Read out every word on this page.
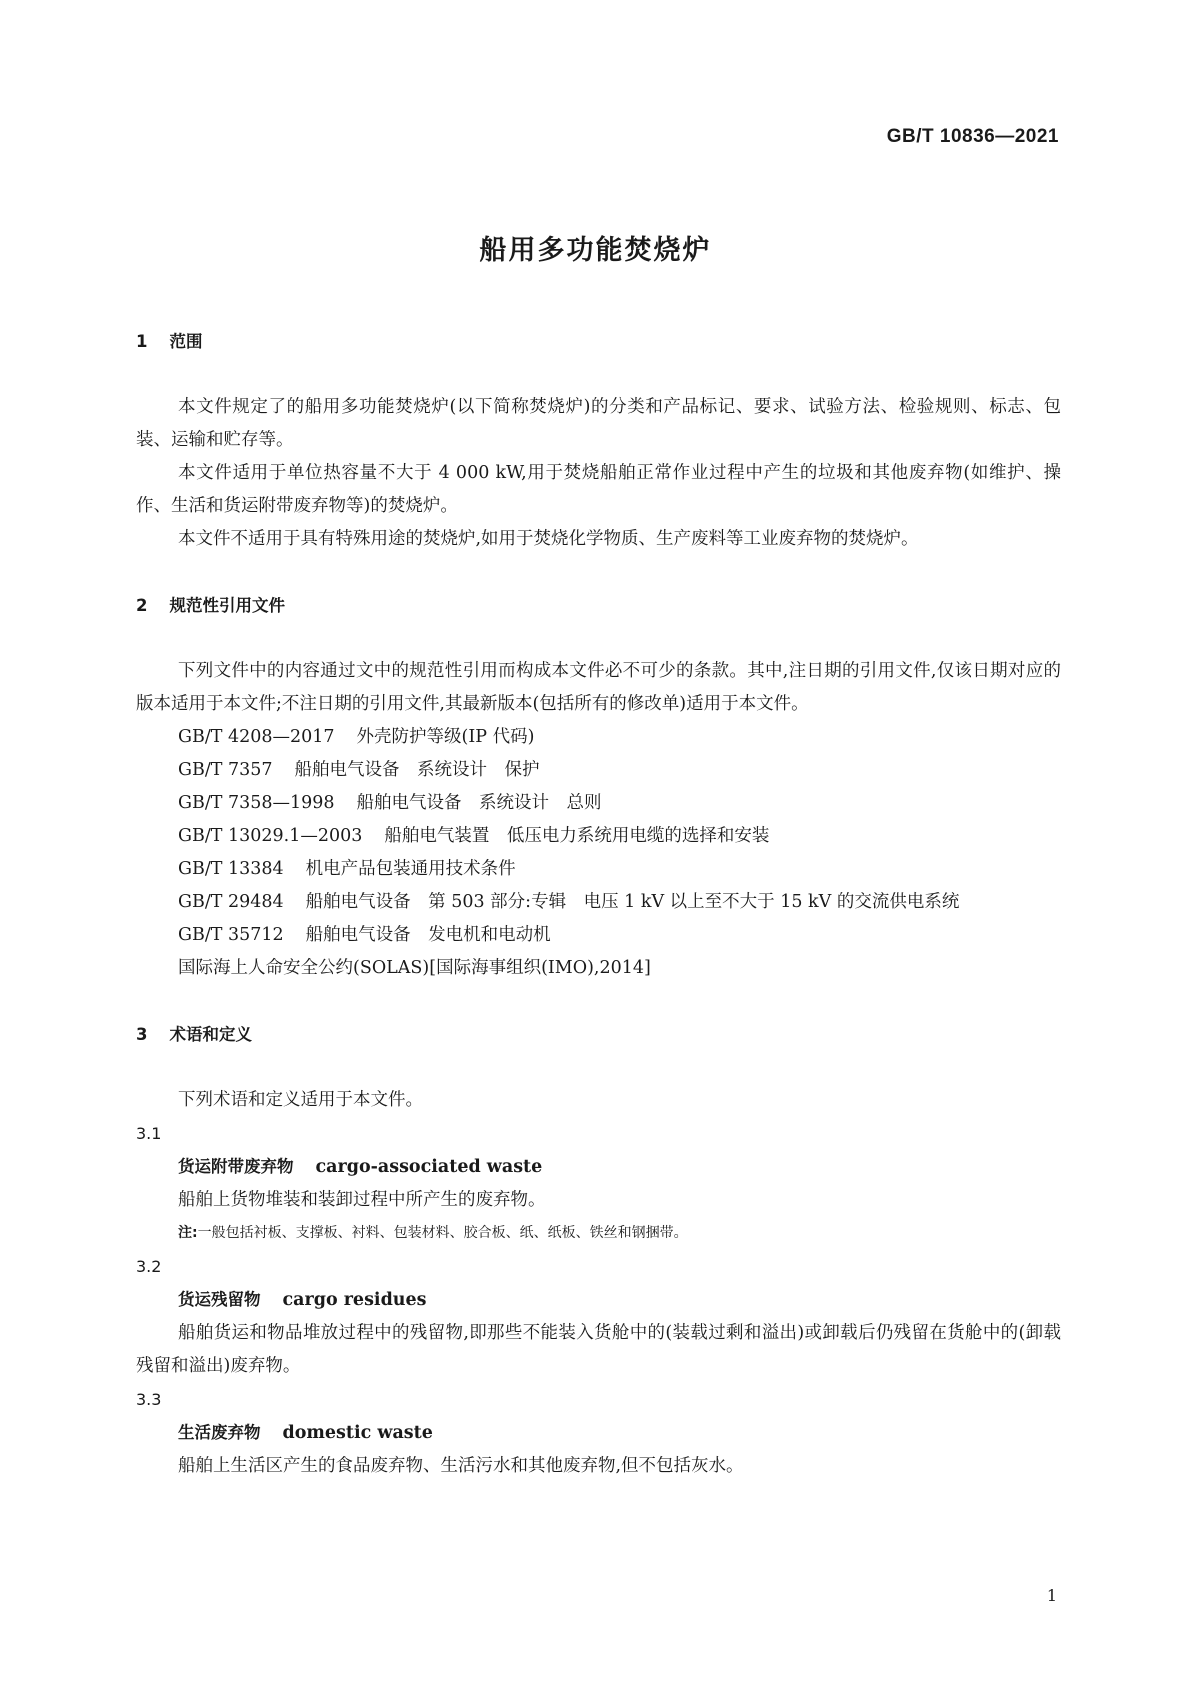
GB/T 10836—2021
船用多功能焚烧炉
1 范围

本文件规定了的船用多功能焚烧炉(以下简称焚烧炉)的分类和产品标记、要求、试验方法、检验规则、标志、包装、运输和贮存等。

本文件适用于单位热容量不大于 4 000 kW,用于焚烧船舶正常作业过程中产生的垃圾和其他废弃物(如维护、操作、生活和货运附带废弃物等)的焚烧炉。

本文件不适用于具有特殊用途的焚烧炉,如用于焚烧化学物质、生产废料等工业废弃物的焚烧炉。

2 规范性引用文件

下列文件中的内容通过文中的规范性引用而构成本文件必不可少的条款。其中,注日期的引用文件,仅该日期对应的版本适用于本文件;不注日期的引用文件,其最新版本(包括所有的修改单)适用于本文件。

GB/T 4208—2017 外壳防护等级(IP 代码)

GB/T 7357 船舶电气设备　系统设计　保护

GB/T 7358—1998 船舶电气设备　系统设计　总则

GB/T 13029.1—2003 船舶电气装置　低压电力系统用电缆的选择和安装

GB/T 13384 机电产品包装通用技术条件

GB/T 29484 船舶电气设备　第 503 部分:专辑　电压 1 kV 以上至不大于 15 kV 的交流供电系统

GB/T 35712 船舶电气设备　发电机和电动机

国际海上人命安全公约(SOLAS)[国际海事组织(IMO),2014]

3 术语和定义

下列术语和定义适用于本文件。

3.1

货运附带废弃物 cargo-associated waste

船舶上货物堆装和装卸过程中所产生的废弃物。

注:一般包括衬板、支撑板、衬料、包装材料、胶合板、纸、纸板、铁丝和钢捆带。

3.2

货运残留物 cargo residues

船舶货运和物品堆放过程中的残留物,即那些不能装入货舱中的(装载过剩和溢出)或卸载后仍残留在货舱中的(卸载残留和溢出)废弃物。

3.3

生活废弃物 domestic waste

船舶上生活区产生的食品废弃物、生活污水和其他废弃物,但不包括灰水。

1
